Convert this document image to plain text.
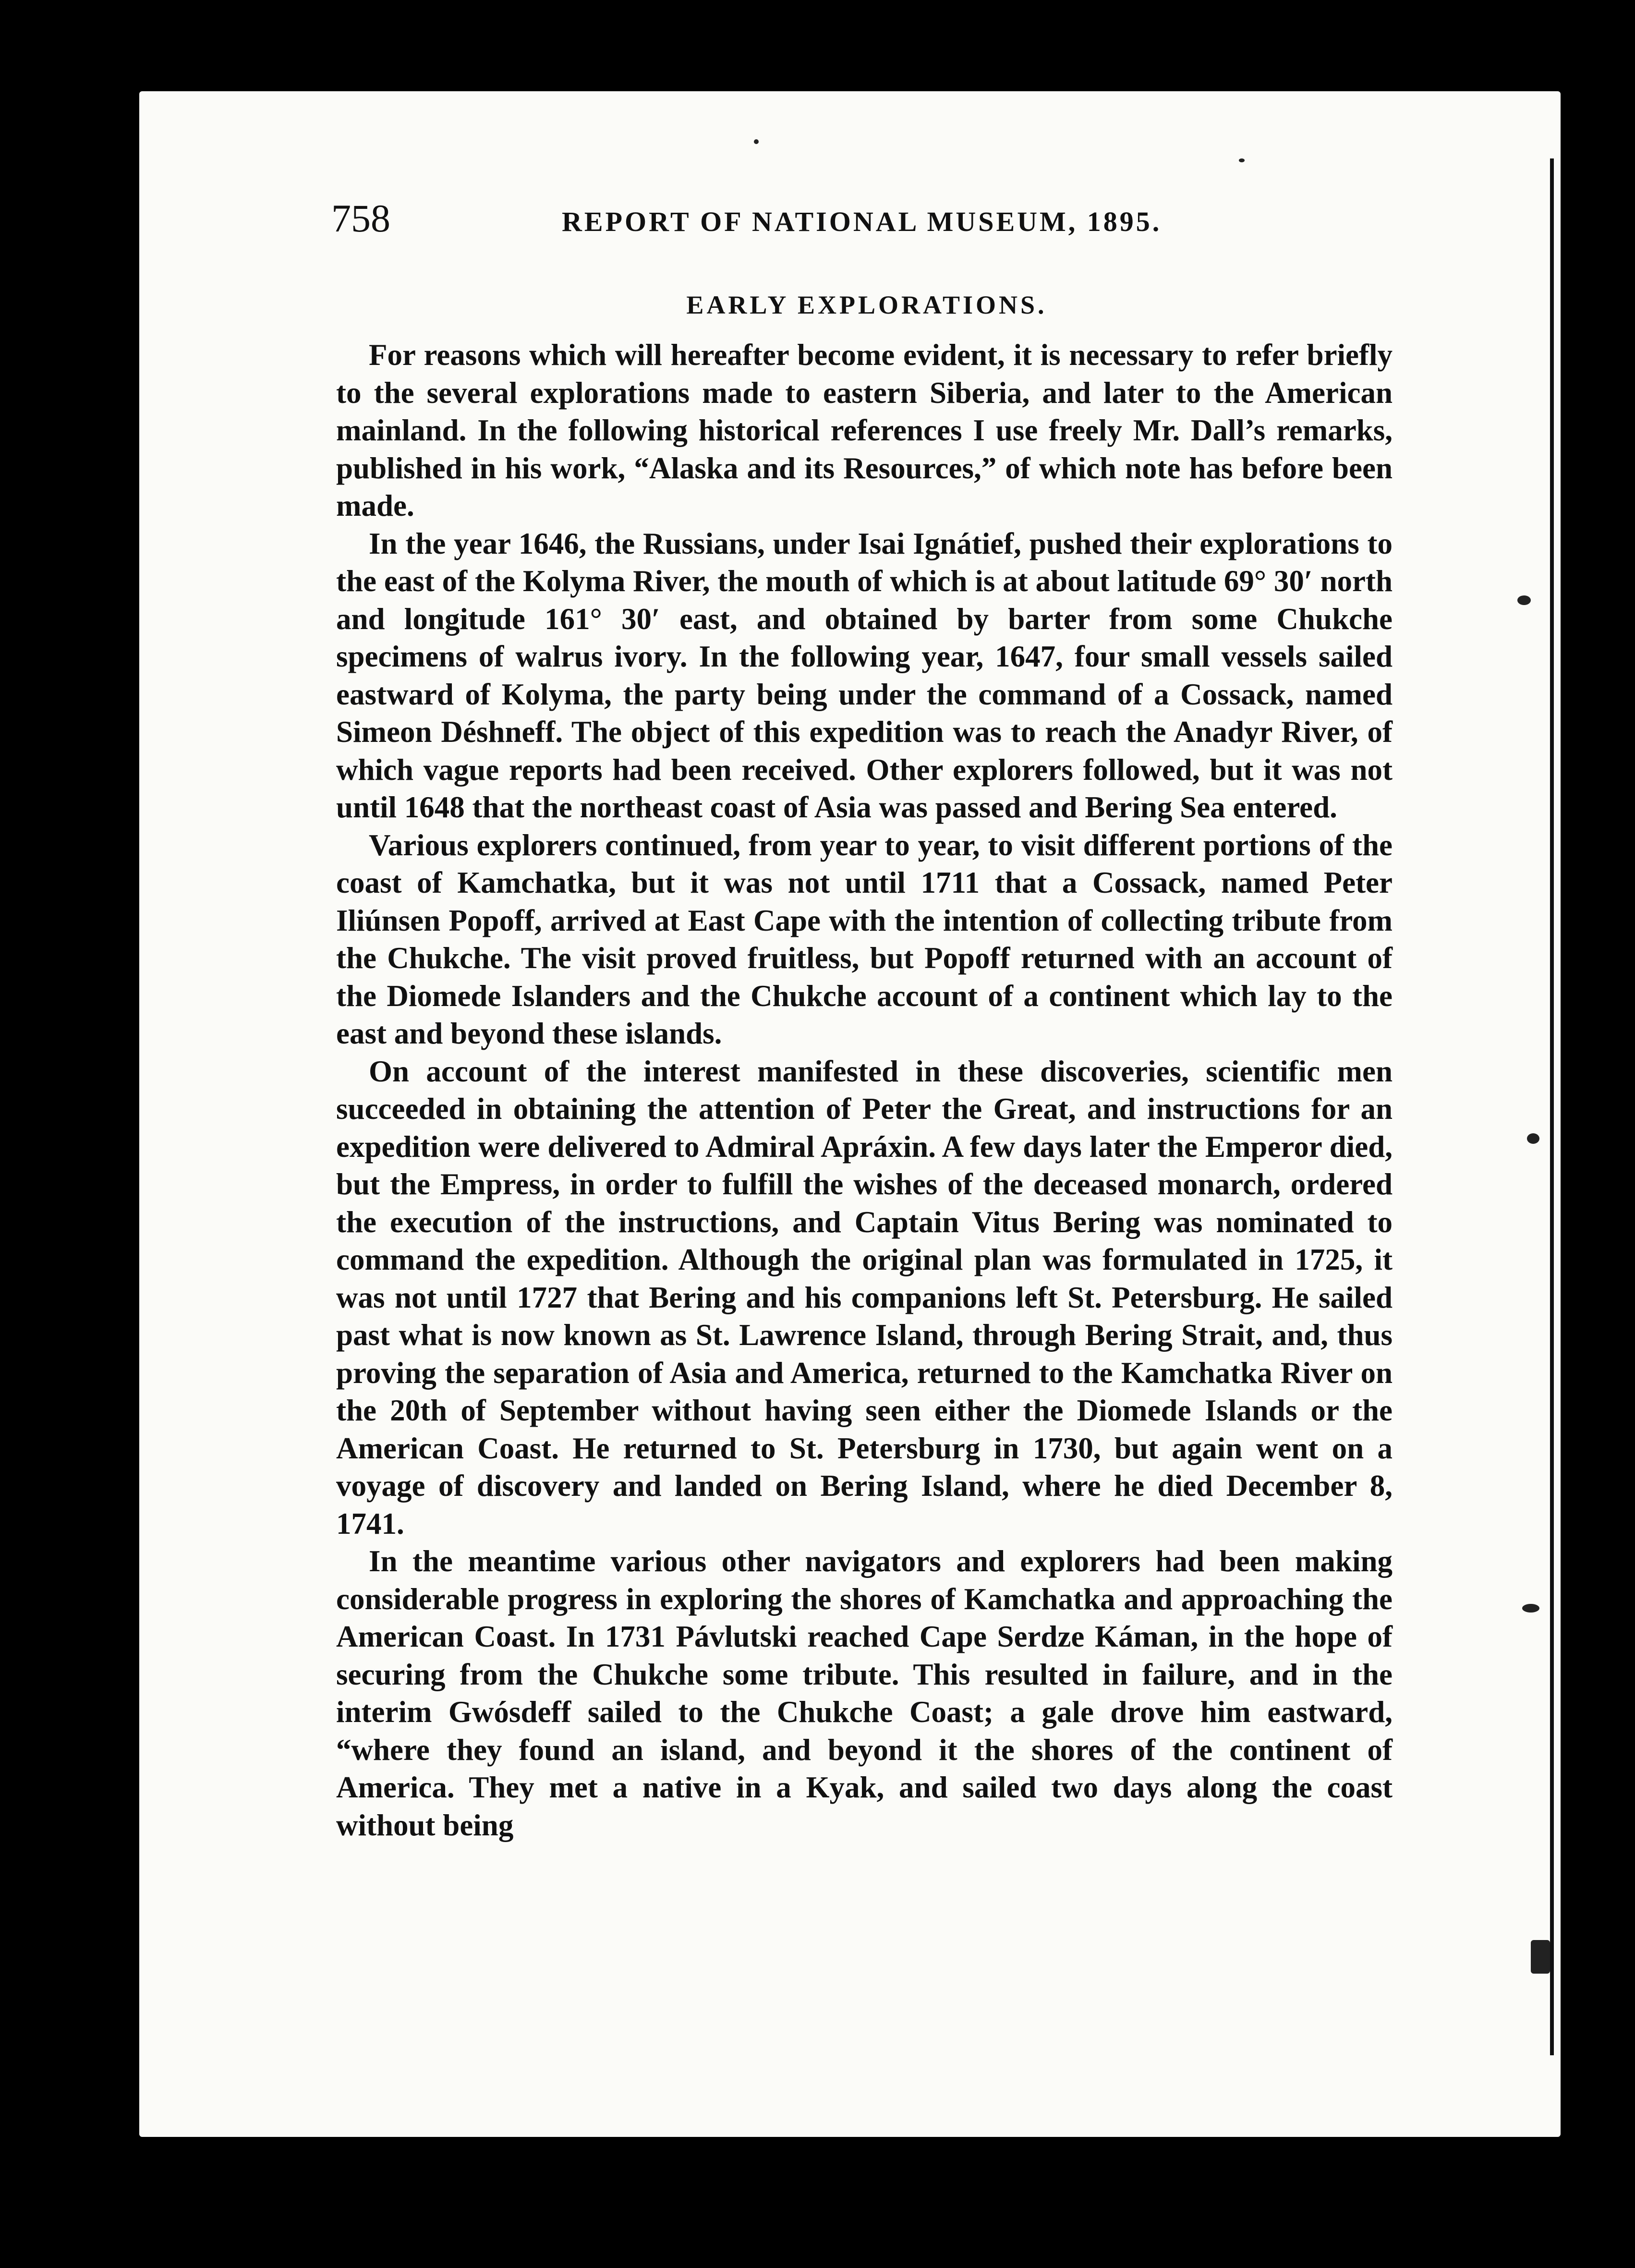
758	REPORT OF NATIONAL MUSEUM, 1895.
EARLY EXPLORATIONS.

For reasons which will hereafter become evident, it is necessary to refer briefly to the several explorations made to eastern Siberia, and later to the American mainland. In the following historical references I use freely Mr. Dall’s remarks, published in his work, “Alaska and its Resources,” of which note has before been made.

In the year 1646, the Russians, under Isai Ignátief, pushed their explorations to the east of the Kolyma River, the mouth of which is at about latitude 69° 30′ north and longitude 161° 30′ east, and obtained by barter from some Chukche specimens of walrus ivory. In the following year, 1647, four small vessels sailed eastward of Kolyma, the party being under the command of a Cossack, named Simeon Déshneff. The object of this expedition was to reach the Anadyr River, of which vague reports had been received. Other explorers followed, but it was not until 1648 that the northeast coast of Asia was passed and Bering Sea entered.

Various explorers continued, from year to year, to visit different portions of the coast of Kamchatka, but it was not until 1711 that a Cossack, named Peter Iliúnsen Popoff, arrived at East Cape with the intention of collecting tribute from the Chukche. The visit proved fruitless, but Popoff returned with an account of the Diomede Islanders and the Chukche account of a continent which lay to the east and beyond these islands.

On account of the interest manifested in these discoveries, scientific men succeeded in obtaining the attention of Peter the Great, and instructions for an expedition were delivered to Admiral Apráxin. A few days later the Emperor died, but the Empress, in order to fulfill the wishes of the deceased monarch, ordered the execution of the instructions, and Captain Vitus Bering was nominated to command the expedition. Although the original plan was formulated in 1725, it was not until 1727 that Bering and his companions left St. Petersburg. He sailed past what is now known as St. Lawrence Island, through Bering Strait, and, thus proving the separation of Asia and America, returned to the Kamchatka River on the 20th of September without having seen either the Diomede Islands or the American Coast. He returned to St. Petersburg in 1730, but again went on a voyage of discovery and landed on Bering Island, where he died December 8, 1741.

In the meantime various other navigators and explorers had been making considerable progress in exploring the shores of Kamchatka and approaching the American Coast. In 1731 Pávlutski reached Cape Serdze Káman, in the hope of securing from the Chukche some tribute. This resulted in failure, and in the interim Gwósdeff sailed to the Chukche Coast; a gale drove him eastward, “where they found an island, and beyond it the shores of the continent of America. They met a native in a Kyak, and sailed two days along the coast without being
